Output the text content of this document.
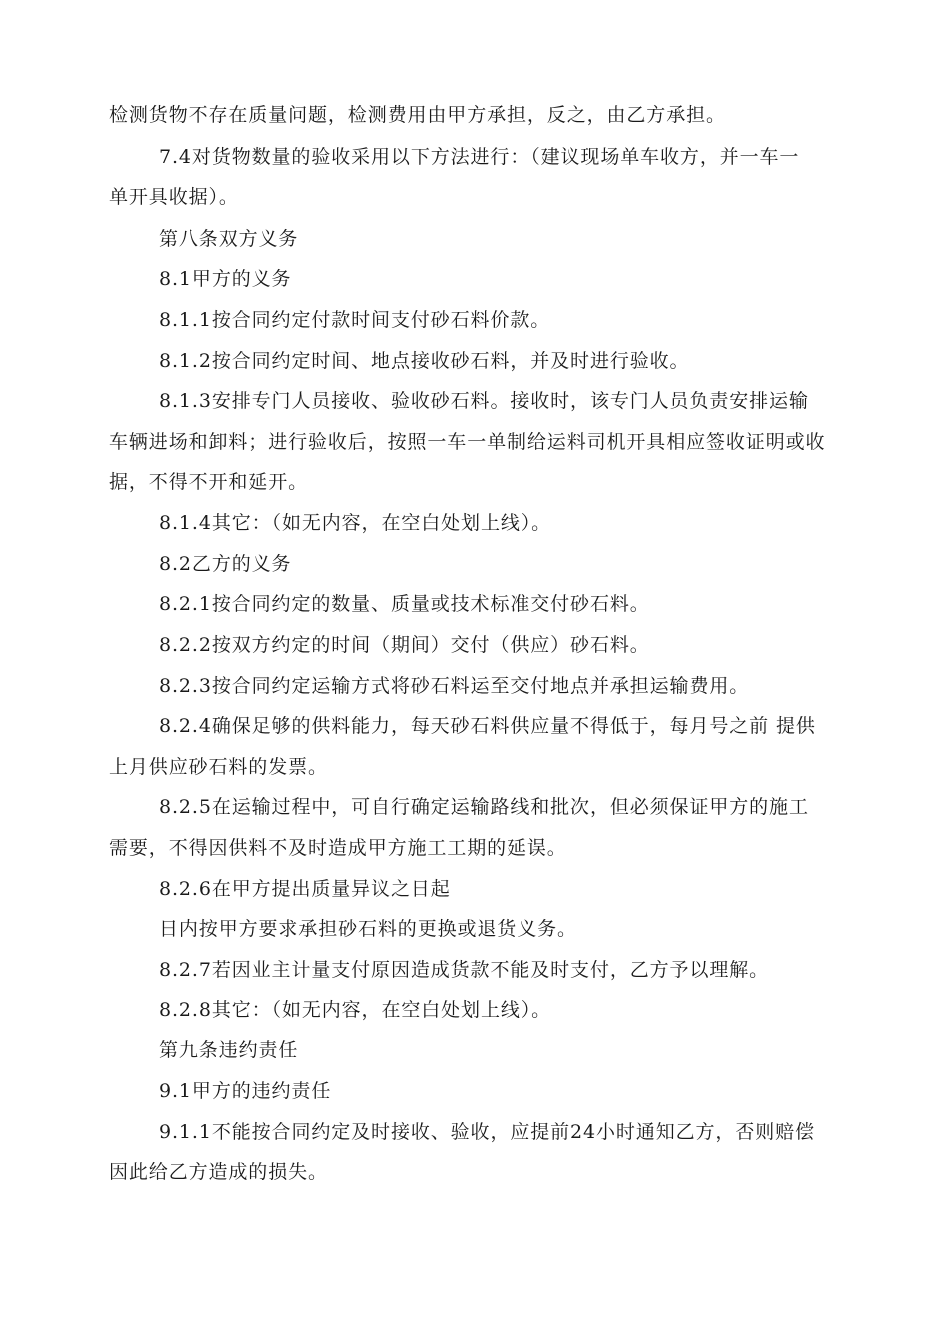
检测货物不存在质量问题，检测费用由甲方承担，反之，由乙方承担。
7.4对货物数量的验收采用以下方法进行：（建议现场单车收方，并一车一
单开具收据）。
第八条双方义务
8.1甲方的义务
8.1.1按合同约定付款时间支付砂石料价款。
8.1.2按合同约定时间、地点接收砂石料，并及时进行验收。
8.1.3安排专门人员接收、验收砂石料。接收时，该专门人员负责安排运输
车辆进场和卸料；进行验收后，按照一车一单制给运料司机开具相应签收证明或收
据，不得不开和延开。
8.1.4其它：（如无内容，在空白处划上线）。
8.2乙方的义务
8.2.1按合同约定的数量、质量或技术标准交付砂石料。
8.2.2按双方约定的时间（期间）交付（供应）砂石料。
8.2.3按合同约定运输方式将砂石料运至交付地点并承担运输费用。
8.2.4确保足够的供料能力，每天砂石料供应量不得低于，每月号之前 提供
上月供应砂石料的发票。
8.2.5在运输过程中，可自行确定运输路线和批次，但必须保证甲方的施工
需要，不得因供料不及时造成甲方施工工期的延误。
8.2.6在甲方提出质量异议之日起
日内按甲方要求承担砂石料的更换或退货义务。
8.2.7若因业主计量支付原因造成货款不能及时支付，乙方予以理解。
8.2.8其它：（如无内容，在空白处划上线）。
第九条违约责任
9.1甲方的违约责任
9.1.1不能按合同约定及时接收、验收，应提前24小时通知乙方，否则赔偿
因此给乙方造成的损失。
